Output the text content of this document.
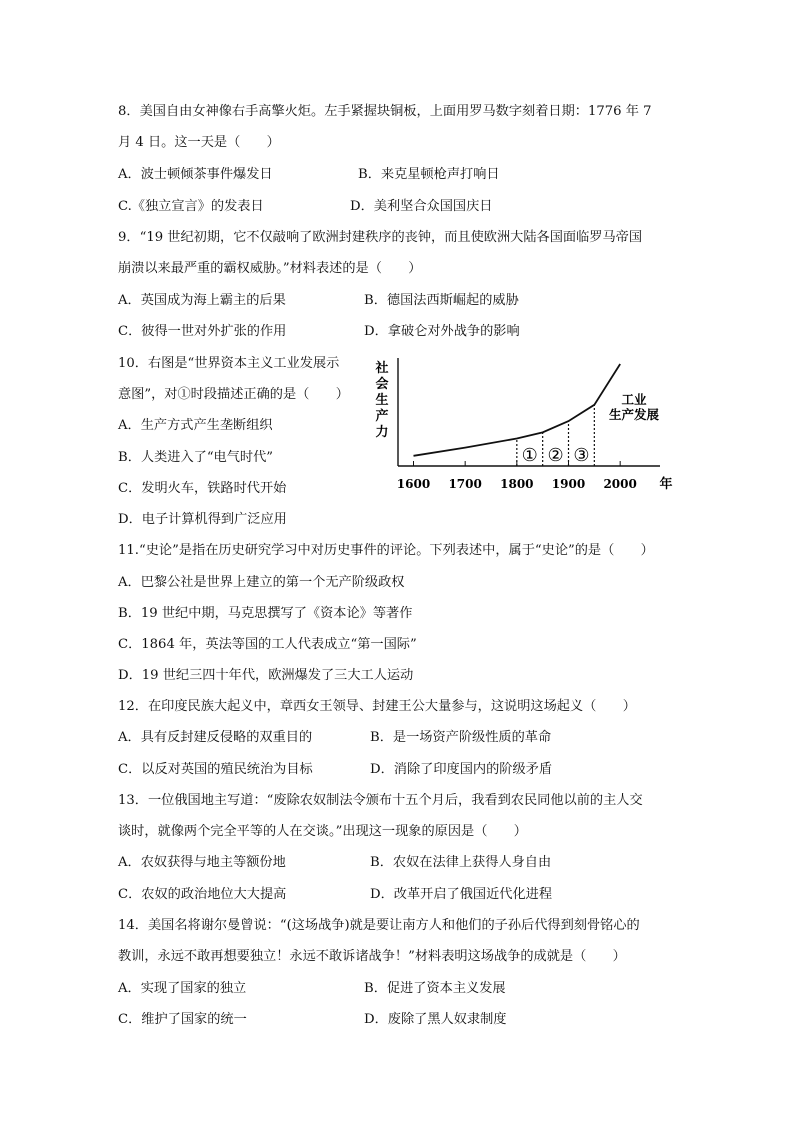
8．美国自由女神像右手高擎火炬。左手紧握块铜板，上面用罗马数字刻着日期：1776 年 7
月 4 日。这一天是（　　）
A．波士顿倾茶事件爆发日	B．来克星顿枪声打响日
C.《独立宣言》的发表日	D．美利坚合众国国庆日
9．“19 世纪初期，它不仅敲响了欧洲封建秩序的丧钟，而且使欧洲大陆各国面临罗马帝国
崩溃以来最严重的霸权威胁。”材料表述的是（　　）
A．英国成为海上霸主的后果	B．德国法西斯崛起的威胁
C．彼得一世对外扩张的作用	D．拿破仑对外战争的影响
10．右图是“世界资本主义工业发展示
意图”，对①时段描述正确的是（　　）
A．生产方式产生垄断组织
B．人类进入了“电气时代”
C．发明火车，铁路时代开始
D．电子计算机得到广泛应用
社
会
生
产
力
1600 1700 1800 1900 2000 年
① ② ③
工业
生产发展
11.“史论”是指在历史研究学习中对历史事件的评论。下列表述中，属于“史论”的是（　　）
A．巴黎公社是世界上建立的第一个无产阶级政权
B．19 世纪中期，马克思撰写了《资本论》等著作
C．1864 年，英法等国的工人代表成立“第一国际”
D．19 世纪三四十年代，欧洲爆发了三大工人运动
12．在印度民族大起义中，章西女王领导、封建王公大量参与，这说明这场起义（　　）
A．具有反封建反侵略的双重目的	B．是一场资产阶级性质的革命
C．以反对英国的殖民统治为目标	D．消除了印度国内的阶级矛盾
13．一位俄国地主写道：“废除农奴制法令颁布十五个月后，我看到农民同他以前的主人交
谈时，就像两个完全平等的人在交谈。”出现这一现象的原因是（　　）
A．农奴获得与地主等额份地	B．农奴在法律上获得人身自由
C．农奴的政治地位大大提高	D．改革开启了俄国近代化进程
14．美国名将谢尔曼曾说：“(这场战争)就是要让南方人和他们的子孙后代得到刻骨铭心的
教训，永远不敢再想要独立！永远不敢诉诸战争！”材料表明这场战争的成就是（　　）
A．实现了国家的独立	B．促进了资本主义发展
C．维护了国家的统一	D．废除了黑人奴隶制度
